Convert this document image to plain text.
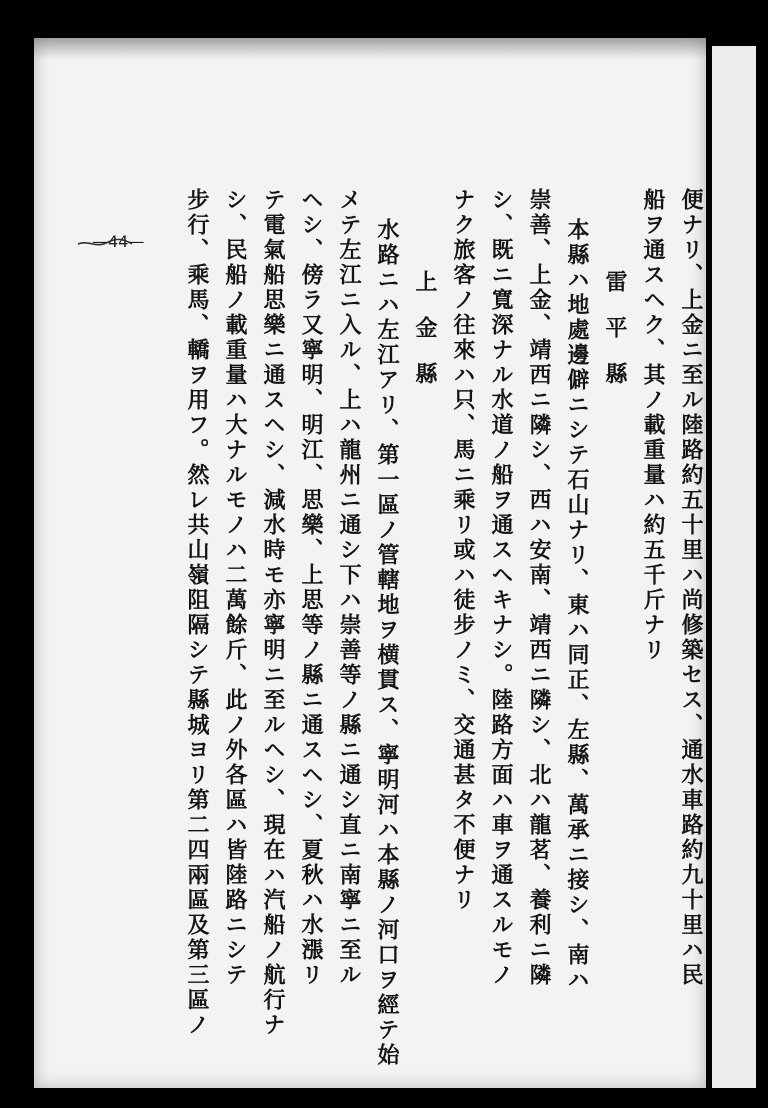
便ナリ、上金ニ至ル陸路約五十里ハ尚修築セス、通水車路約九十里ハ民
船ヲ通スヘク、其ノ載重量ハ約五千斤ナリ
雷平縣
本縣ハ地處邊僻ニシテ石山ナリ、東ハ同正、左縣、萬承ニ接シ、南ハ
崇善、上金、靖西ニ隣シ、西ハ安南、靖西ニ隣シ、北ハ龍茗、養利ニ隣
シ、既ニ寬深ナル水道ノ船ヲ通スヘキナシ。陸路方面ハ車ヲ通スルモノ
ナク旅客ノ往來ハ只、馬ニ乘リ或ハ徒步ノミ、交通甚タ不便ナリ
上金縣
水路ニハ左江アリ、第一區ノ管轄地ヲ横貫ス、寧明河ハ本縣ノ河口ヲ經テ始
メテ左江ニ入ル、上ハ龍州ニ通シ下ハ崇善等ノ縣ニ通シ直ニ南寧ニ至ル
ヘシ、傍ラ又寧明、明江、思樂、上思等ノ縣ニ通スヘシ、夏秋ハ水漲リ
テ電氣船思樂ニ通スヘシ、減水時モ亦寧明ニ至ルヘシ、現在ハ汽船ノ航行ナ
シ、民船ノ載重量ハ大ナルモノハ二萬餘斤、此ノ外各區ハ皆陸路ニシテ
步行、乘馬、轎ヲ用フ。然レ共山嶺阻隔シテ縣城ヨリ第二四兩區及第三區ノ
—44—
